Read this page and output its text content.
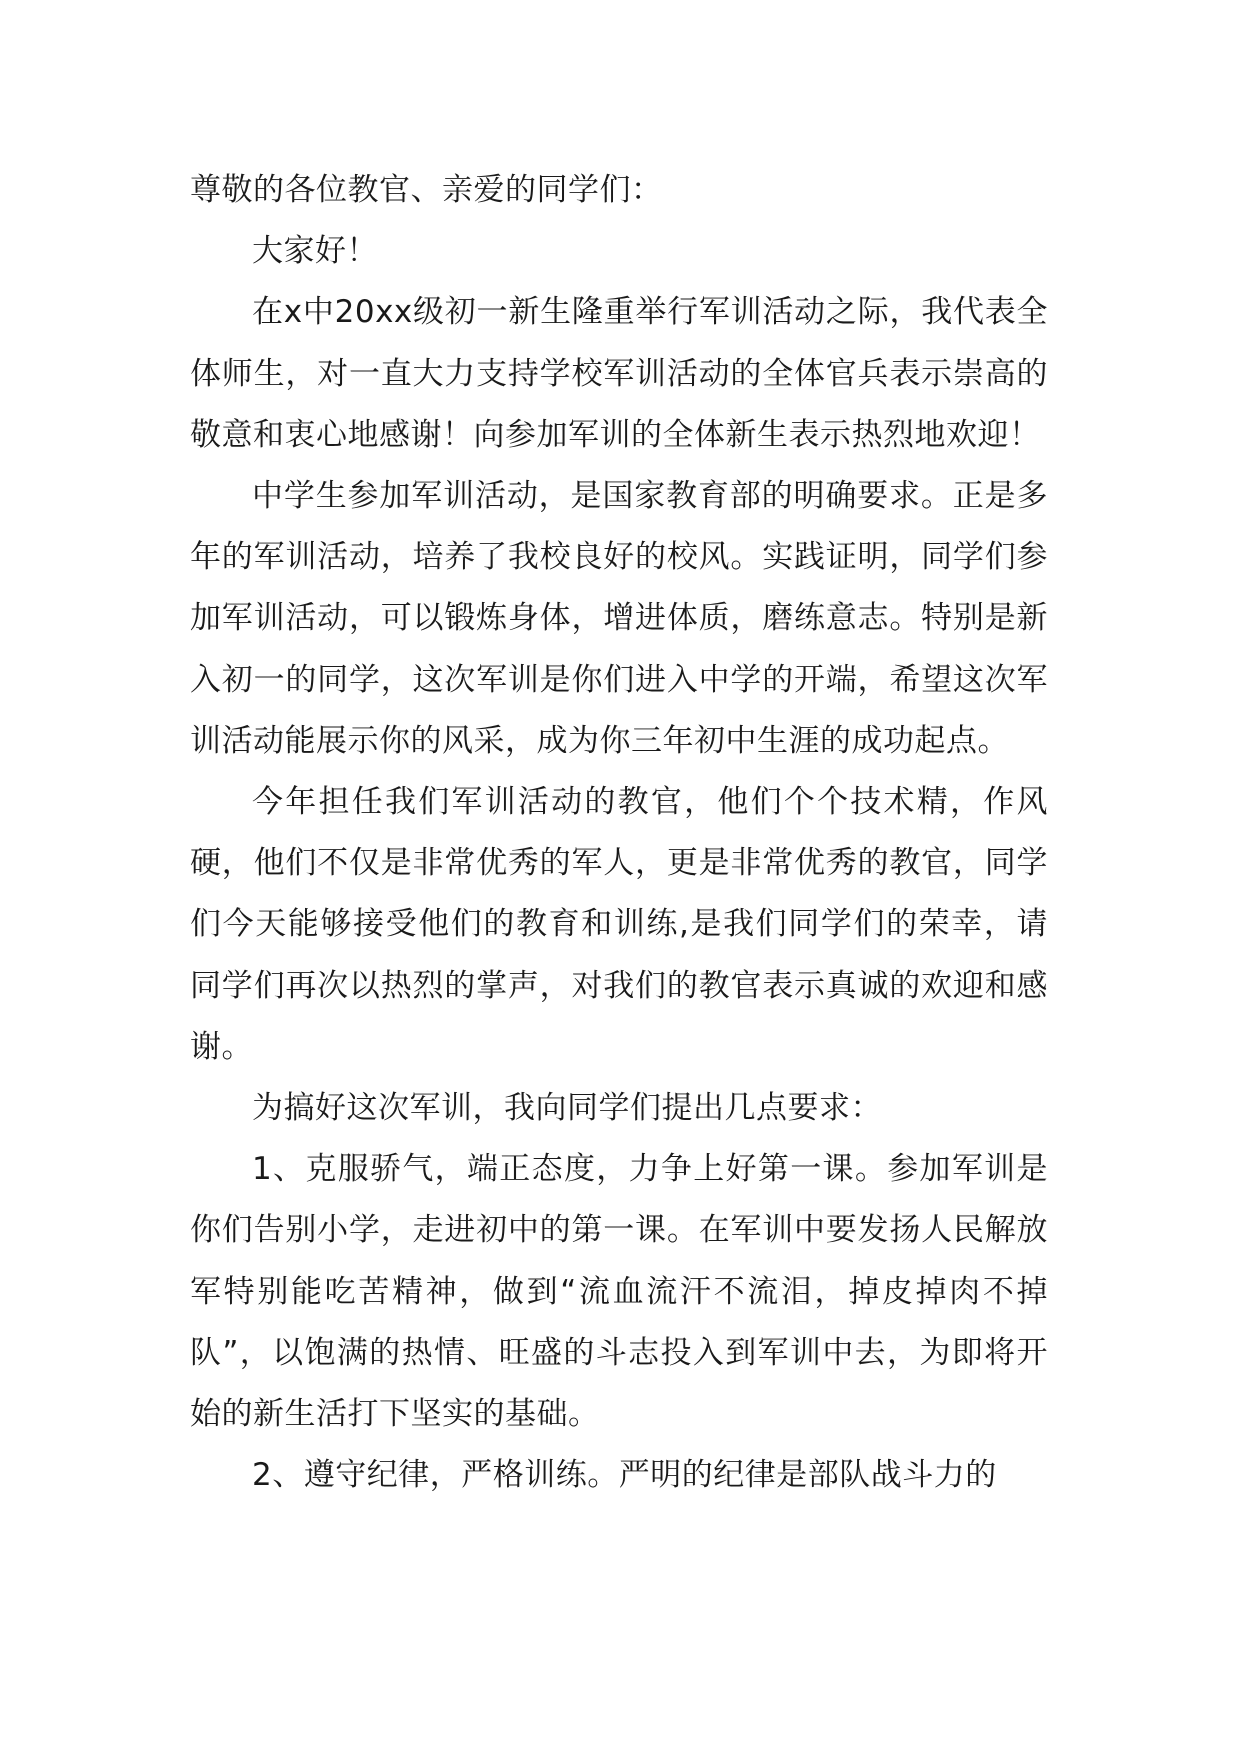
尊敬的各位教官、亲爱的同学们：

大家好！

在x中20xx级初一新生隆重举行军训活动之际，我代表全体师生，对一直大力支持学校军训活动的全体官兵表示崇高的敬意和衷心地感谢！向参加军训的全体新生表示热烈地欢迎！

中学生参加军训活动，是国家教育部的明确要求。正是多年的军训活动，培养了我校良好的校风。实践证明，同学们参加军训活动，可以锻炼身体，增进体质，磨练意志。特别是新入初一的同学，这次军训是你们进入中学的开端，希望这次军训活动能展示你的风采，成为你三年初中生涯的成功起点。

今年担任我们军训活动的教官，他们个个技术精，作风硬，他们不仅是非常优秀的军人，更是非常优秀的教官，同学们今天能够接受他们的教育和训练,是我们同学们的荣幸，请同学们再次以热烈的掌声，对我们的教官表示真诚的欢迎和感谢。

为搞好这次军训，我向同学们提出几点要求：

1、克服骄气，端正态度，力争上好第一课。参加军训是你们告别小学，走进初中的第一课。在军训中要发扬人民解放军特别能吃苦精神，做到“流血流汗不流泪，掉皮掉肉不掉队”，以饱满的热情、旺盛的斗志投入到军训中去，为即将开始的新生活打下坚实的基础。

2、遵守纪律，严格训练。严明的纪律是部队战斗力的
